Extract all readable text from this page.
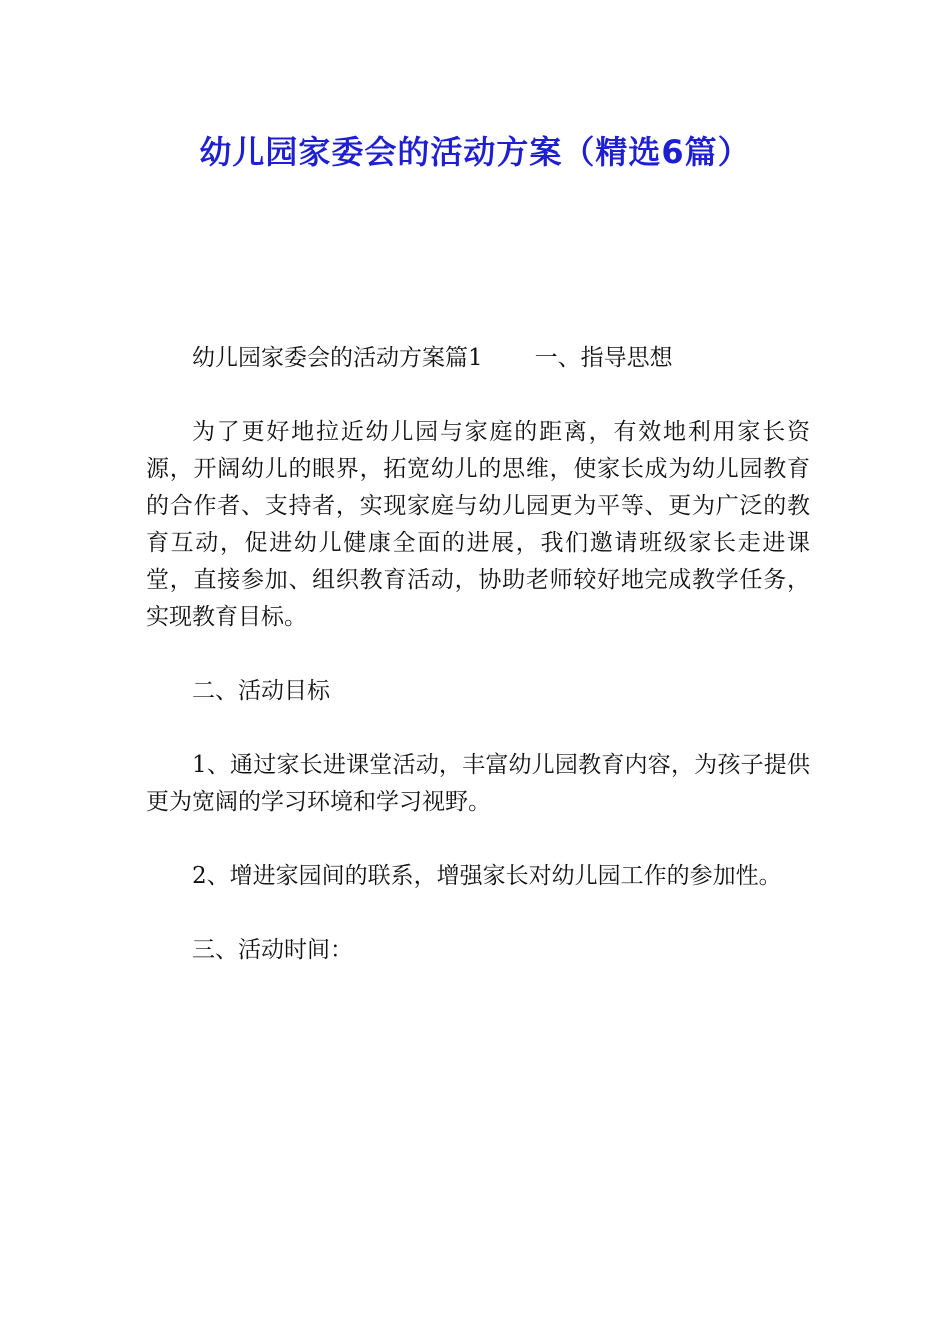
幼儿园家委会的活动方案（精选6篇）

幼儿园家委会的活动方案篇1 一、指导思想

为了更好地拉近幼儿园与家庭的距离，有效地利用家长资源，开阔幼儿的眼界，拓宽幼儿的思维，使家长成为幼儿园教育的合作者、支持者，实现家庭与幼儿园更为平等、更为广泛的教育互动，促进幼儿健康全面的进展，我们邀请班级家长走进课堂，直接参加、组织教育活动，协助老师较好地完成教学任务，实现教育目标。

二、活动目标

1、通过家长进课堂活动，丰富幼儿园教育内容，为孩子提供更为宽阔的学习环境和学习视野。

2、增进家园间的联系，增强家长对幼儿园工作的参加性。

三、活动时间：
